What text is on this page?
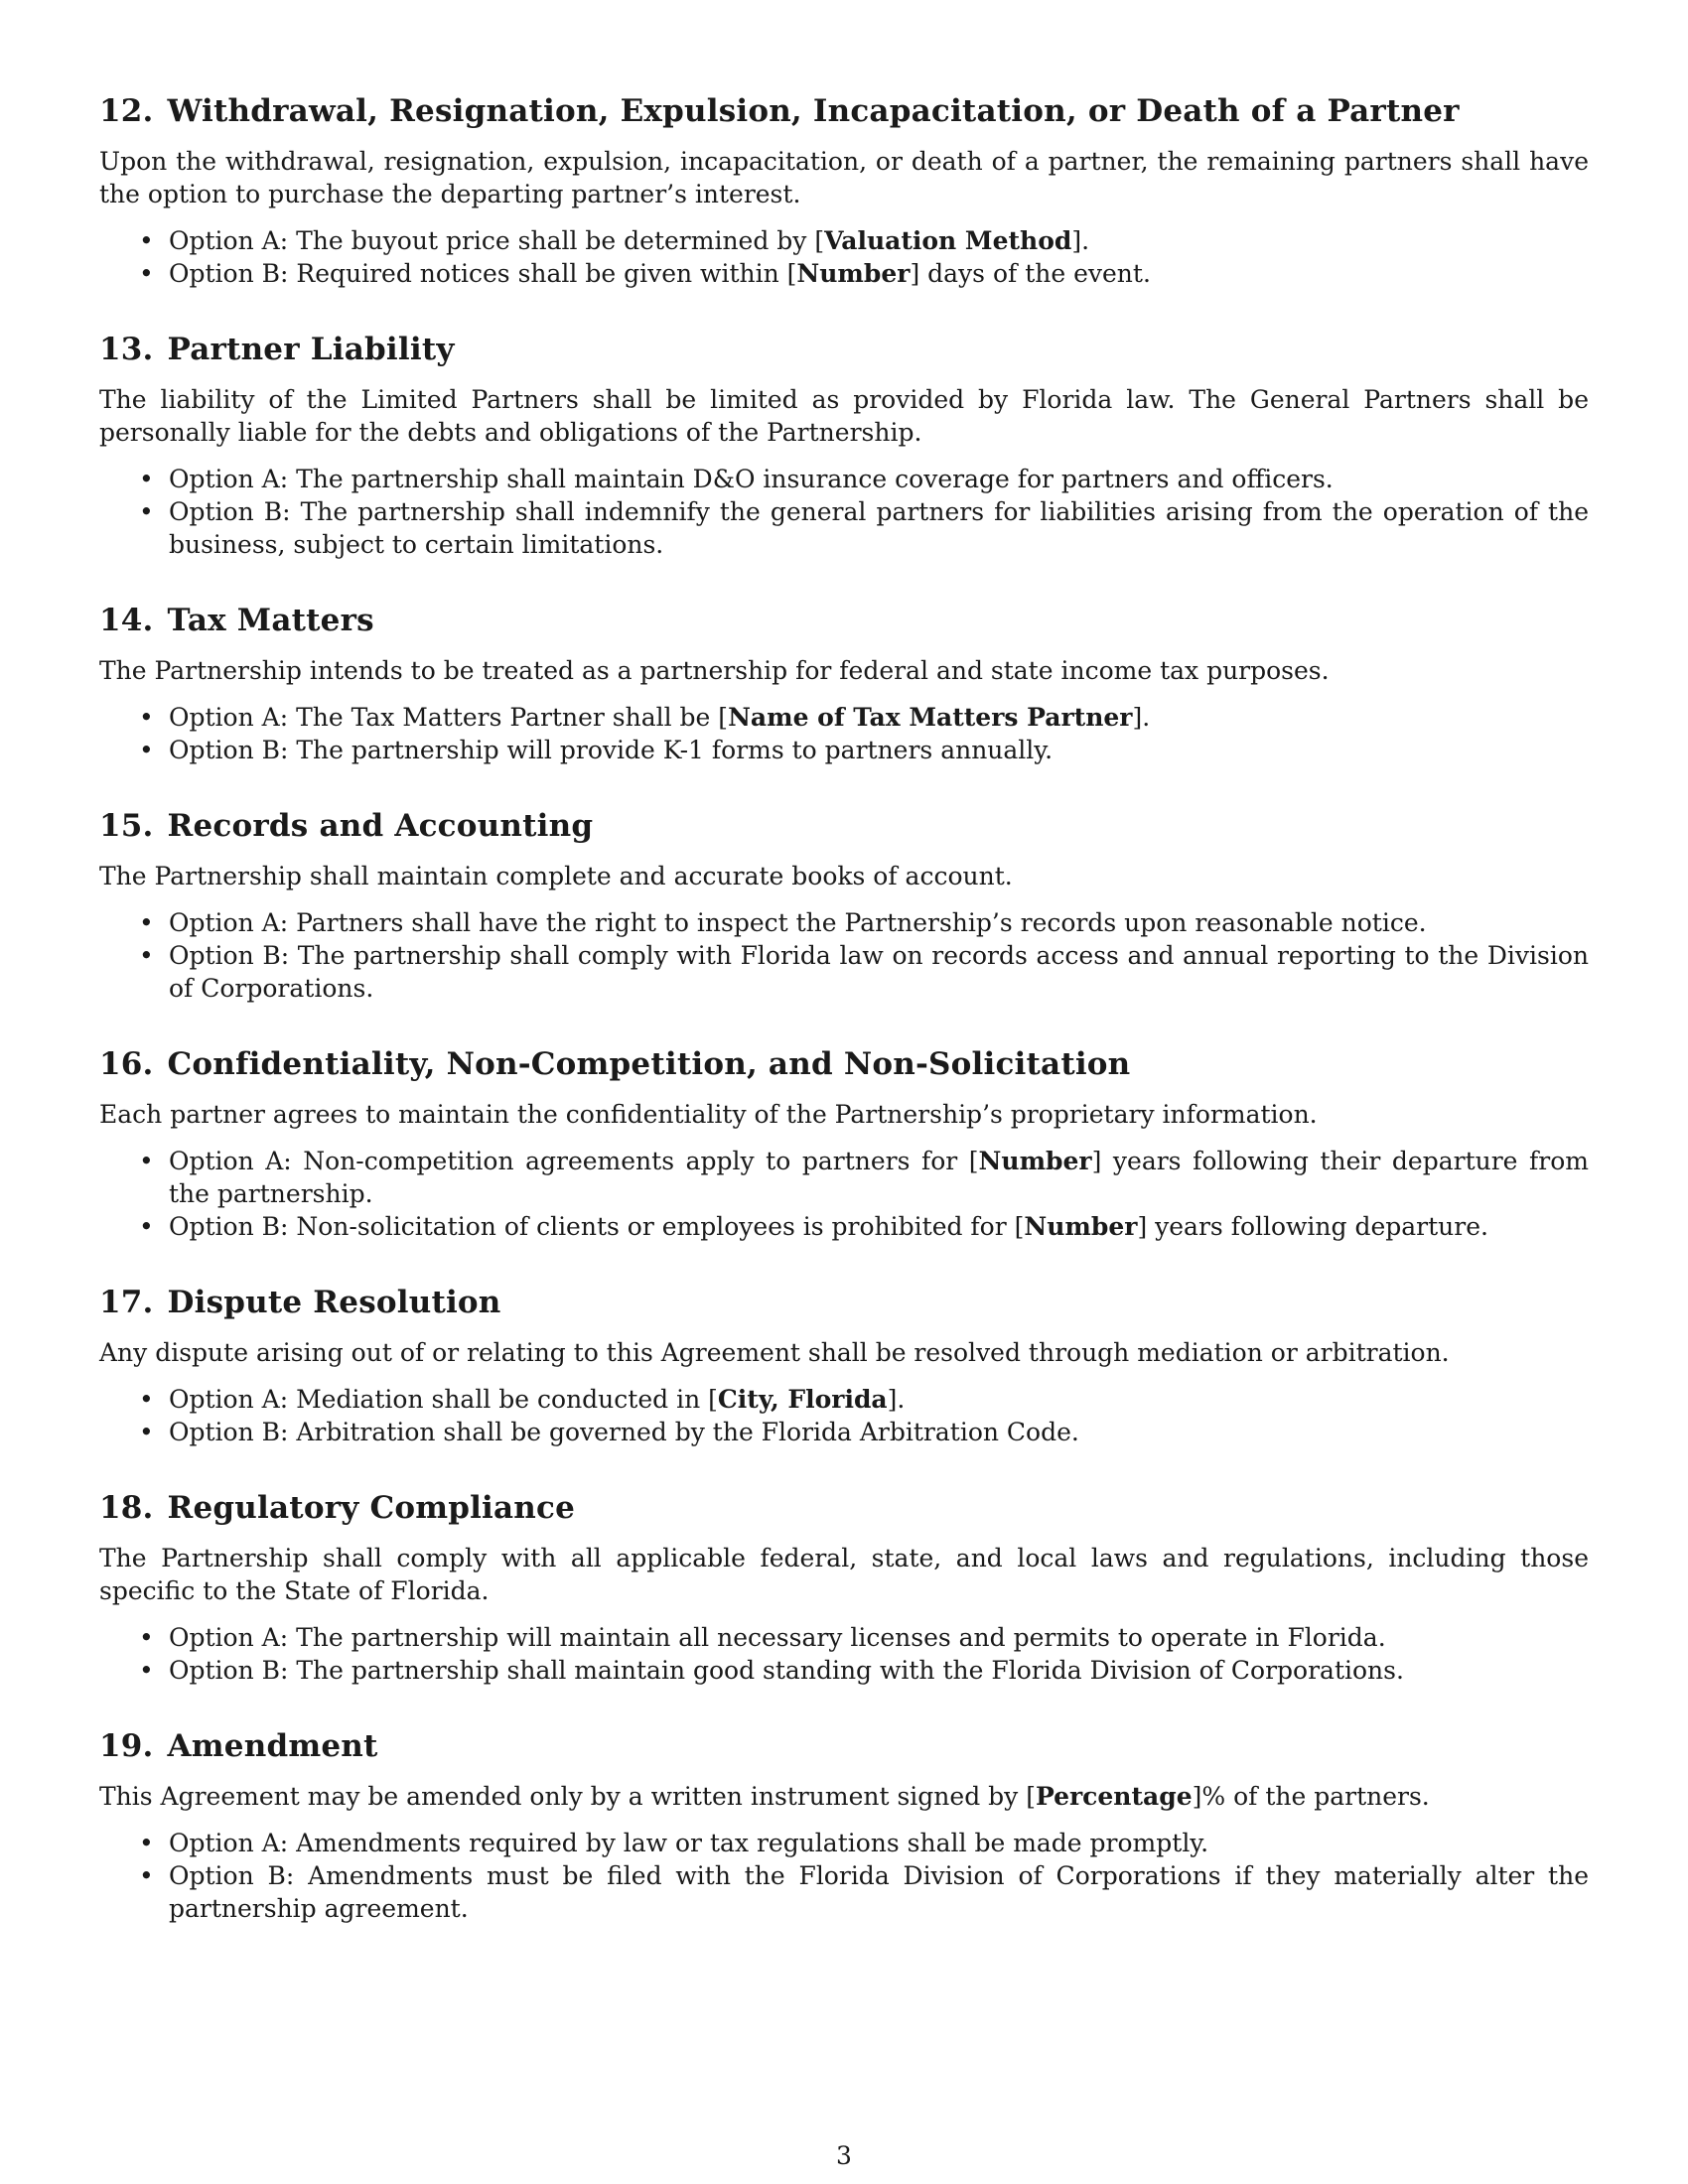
12. Withdrawal, Resignation, Expulsion, Incapacitation, or Death of a Partner

Upon the withdrawal, resignation, expulsion, incapacitation, or death of a partner, the remaining partners shall have the option to purchase the departing partner’s interest.

• Option A: The buyout price shall be determined by [Valuation Method].
• Option B: Required notices shall be given within [Number] days of the event.
13. Partner Liability

The liability of the Limited Partners shall be limited as provided by Florida law. The General Partners shall be personally liable for the debts and obligations of the Partnership.

• Option A: The partnership shall maintain D&O insurance coverage for partners and officers.
• Option B: The partnership shall indemnify the general partners for liabilities arising from the operation of the business, subject to certain limitations.
14. Tax Matters

The Partnership intends to be treated as a partnership for federal and state income tax purposes.

• Option A: The Tax Matters Partner shall be [Name of Tax Matters Partner].
• Option B: The partnership will provide K-1 forms to partners annually.
15. Records and Accounting

The Partnership shall maintain complete and accurate books of account.

• Option A: Partners shall have the right to inspect the Partnership’s records upon reasonable notice.
• Option B: The partnership shall comply with Florida law on records access and annual reporting to the Division of Corporations.
16. Confidentiality, Non-Competition, and Non-Solicitation

Each partner agrees to maintain the confidentiality of the Partnership’s proprietary information.

• Option A: Non-competition agreements apply to partners for [Number] years following their departure from the partnership.
• Option B: Non-solicitation of clients or employees is prohibited for [Number] years following departure.
17. Dispute Resolution

Any dispute arising out of or relating to this Agreement shall be resolved through mediation or arbitration.

• Option A: Mediation shall be conducted in [City, Florida].
• Option B: Arbitration shall be governed by the Florida Arbitration Code.
18. Regulatory Compliance

The Partnership shall comply with all applicable federal, state, and local laws and regulations, including those specific to the State of Florida.

• Option A: The partnership will maintain all necessary licenses and permits to operate in Florida.
• Option B: The partnership shall maintain good standing with the Florida Division of Corporations.
19. Amendment

This Agreement may be amended only by a written instrument signed by [Percentage]% of the partners.

• Option A: Amendments required by law or tax regulations shall be made promptly.
• Option B: Amendments must be filed with the Florida Division of Corporations if they materially alter the partnership agreement.
3
